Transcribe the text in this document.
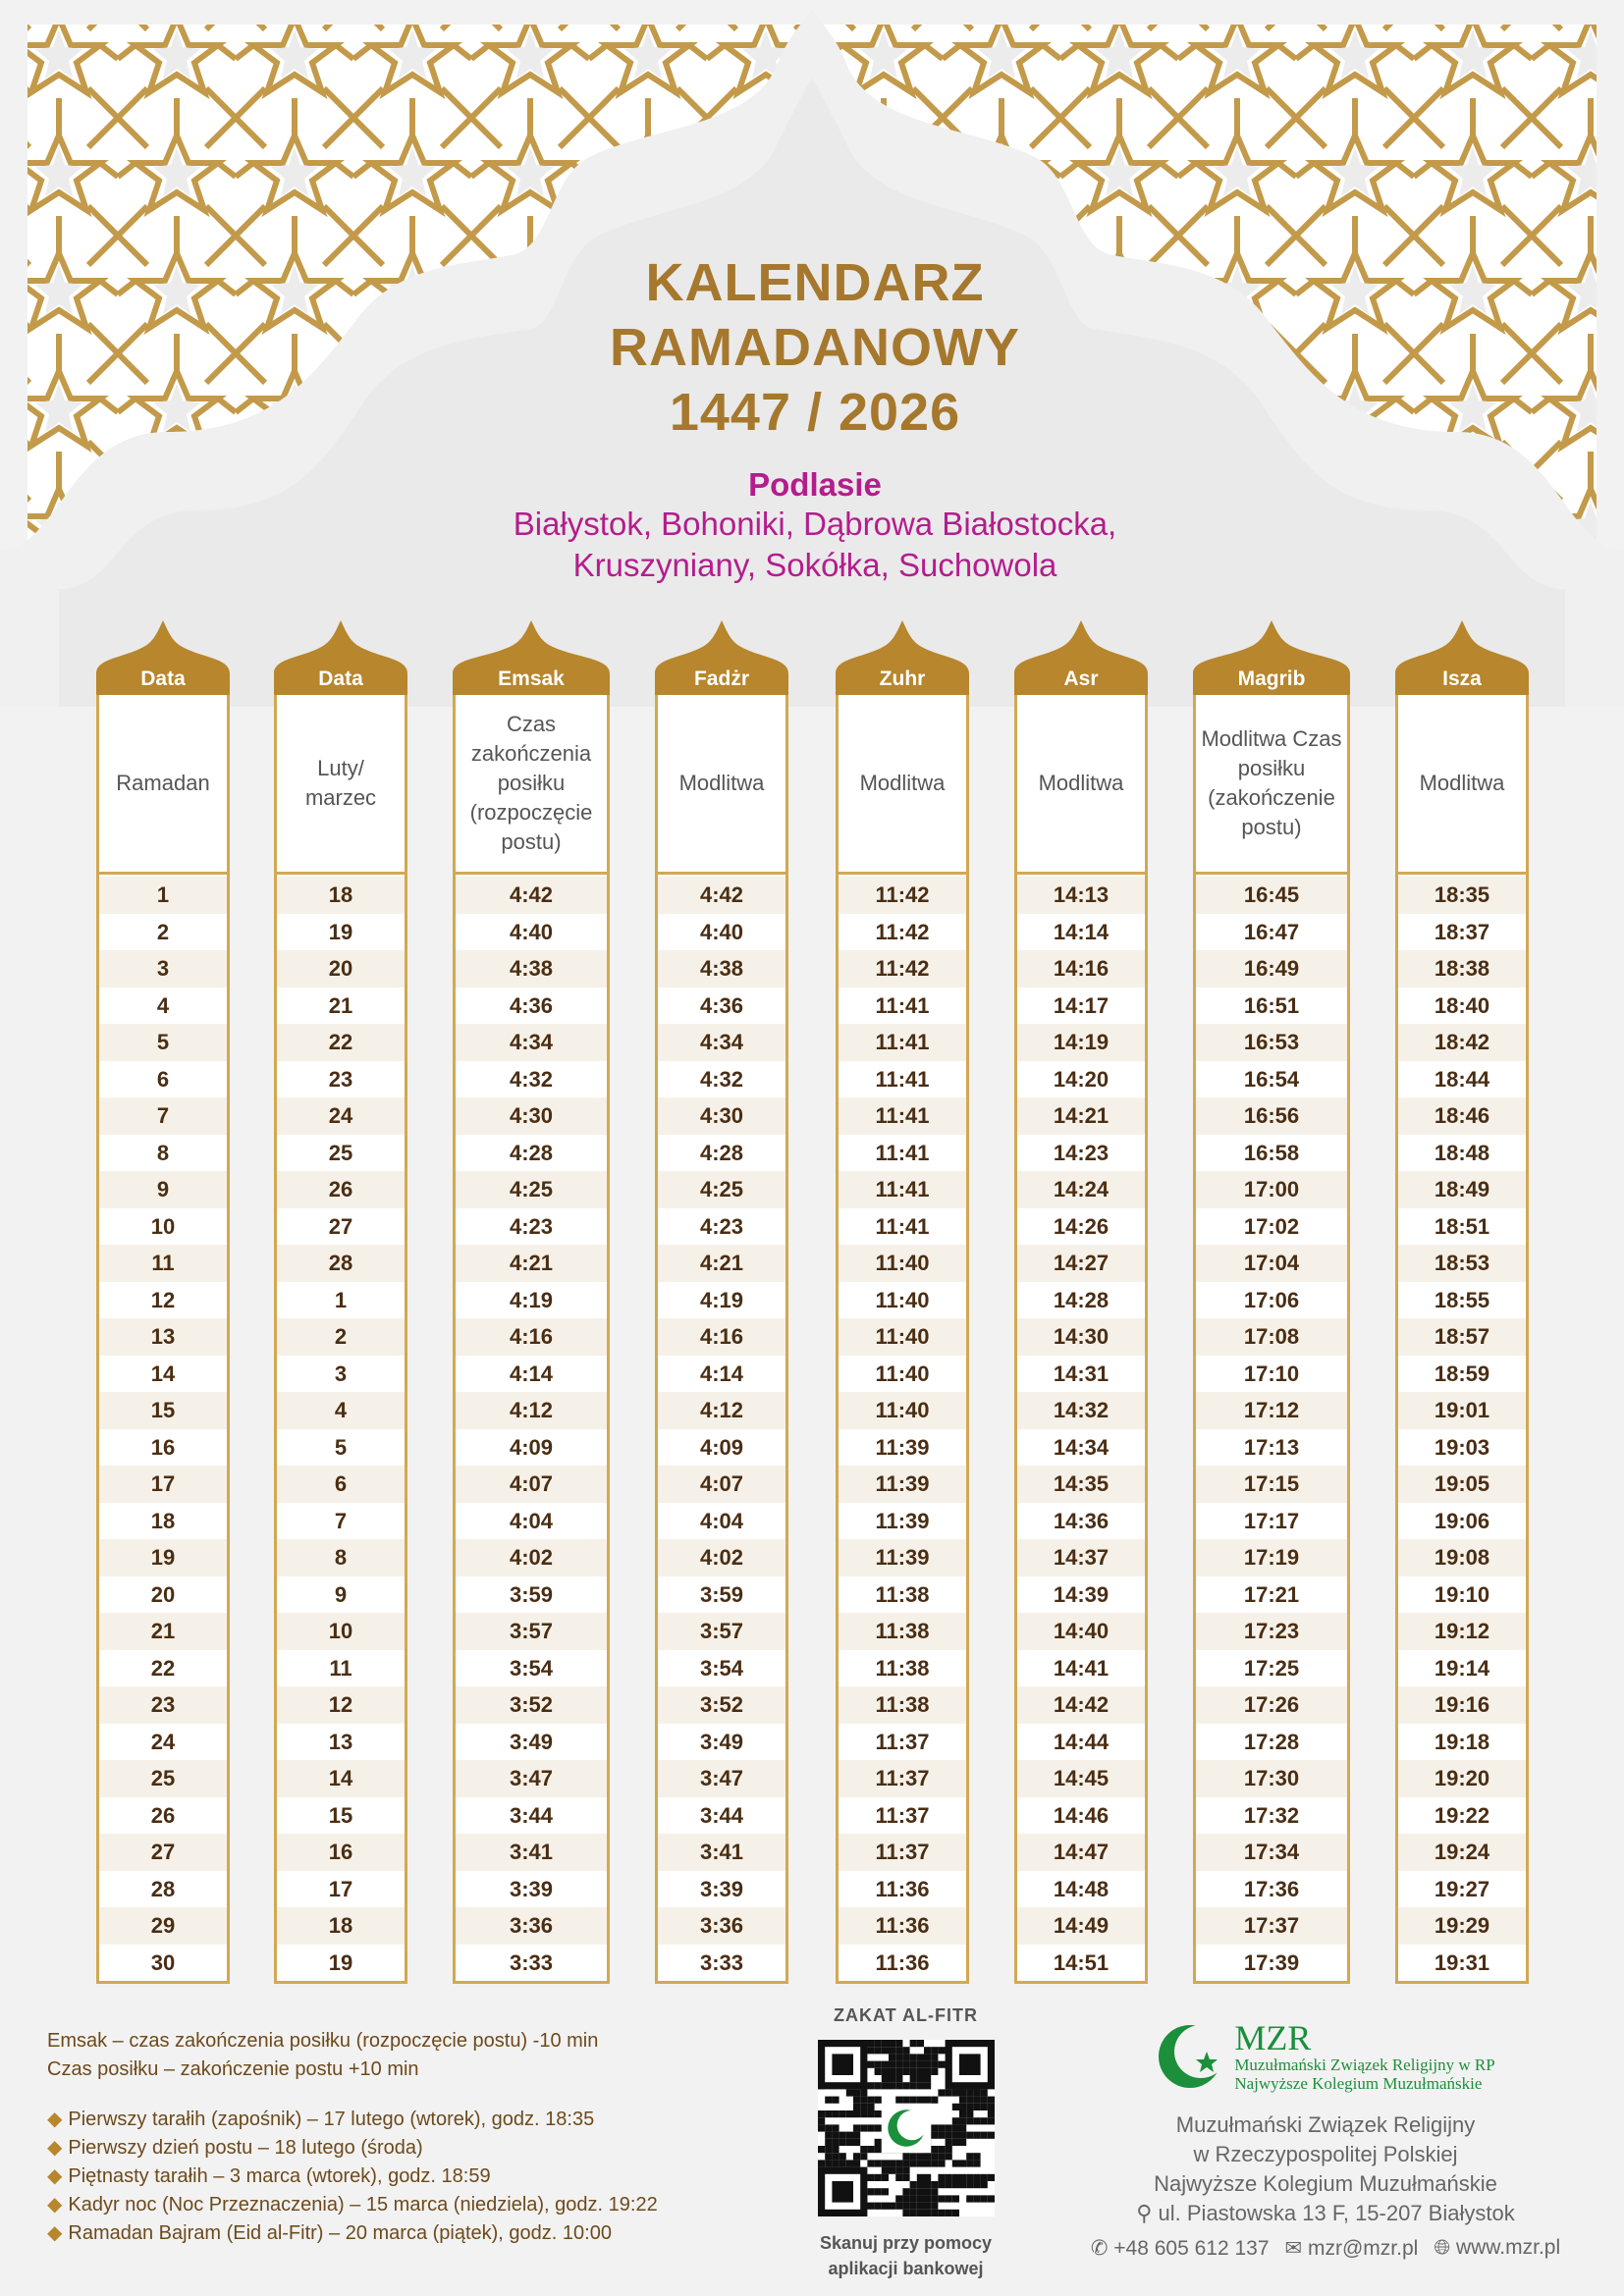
KALENDARZ
RAMADANOWY
1447 / 2026
Podlasie
Białystok, Bohoniki, Dąbrowa Białostocka,
Kruszyniany, Sokółka, Suchowola
Data
Ramadan
1
2
3
4
5
6
7
8
9
10
11
12
13
14
15
16
17
18
19
20
21
22
23
24
25
26
27
28
29
30
Data
Luty/ marzec
18
19
20
21
22
23
24
25
26
27
28
1
2
3
4
5
6
7
8
9
10
11
12
13
14
15
16
17
18
19
Emsak
Czas zakończenia posiłku (rozpoczęcie postu)
4:42
4:40
4:38
4:36
4:34
4:32
4:30
4:28
4:25
4:23
4:21
4:19
4:16
4:14
4:12
4:09
4:07
4:04
4:02
3:59
3:57
3:54
3:52
3:49
3:47
3:44
3:41
3:39
3:36
3:33
Fadżr
Modlitwa
4:42
4:40
4:38
4:36
4:34
4:32
4:30
4:28
4:25
4:23
4:21
4:19
4:16
4:14
4:12
4:09
4:07
4:04
4:02
3:59
3:57
3:54
3:52
3:49
3:47
3:44
3:41
3:39
3:36
3:33
Zuhr
Modlitwa
11:42
11:42
11:42
11:41
11:41
11:41
11:41
11:41
11:41
11:41
11:40
11:40
11:40
11:40
11:40
11:39
11:39
11:39
11:39
11:38
11:38
11:38
11:38
11:37
11:37
11:37
11:37
11:36
11:36
11:36
Asr
Modlitwa
14:13
14:14
14:16
14:17
14:19
14:20
14:21
14:23
14:24
14:26
14:27
14:28
14:30
14:31
14:32
14:34
14:35
14:36
14:37
14:39
14:40
14:41
14:42
14:44
14:45
14:46
14:47
14:48
14:49
14:51
Magrib
Modlitwa Czas posiłku (zakończenie postu)
16:45
16:47
16:49
16:51
16:53
16:54
16:56
16:58
17:00
17:02
17:04
17:06
17:08
17:10
17:12
17:13
17:15
17:17
17:19
17:21
17:23
17:25
17:26
17:28
17:30
17:32
17:34
17:36
17:37
17:39
Isza
Modlitwa
18:35
18:37
18:38
18:40
18:42
18:44
18:46
18:48
18:49
18:51
18:53
18:55
18:57
18:59
19:01
19:03
19:05
19:06
19:08
19:10
19:12
19:14
19:16
19:18
19:20
19:22
19:24
19:27
19:29
19:31
Emsak – czas zakończenia posiłku (rozpoczęcie postu) -10 min
Czas posiłku – zakończenie postu +10 min
◆ Pierwszy tarałih (zapośnik) – 17 lutego (wtorek), godz. 18:35
◆ Pierwszy dzień postu – 18 lutego (środa)
◆ Piętnasty tarałih – 3 marca (wtorek), godz. 18:59
◆ Kadyr noc (Noc Przeznaczenia) – 15 marca (niedziela), godz. 19:22
◆ Ramadan Bajram (Eid al-Fitr) – 20 marca (piątek), godz. 10:00
ZAKAT AL-FITR
Skanuj przy pomocy
aplikacji bankowej
MZR
Muzułmański Związek Religijny w RP
Najwyższe Kolegium Muzułmańskie
Muzułmański Związek Religijny
w Rzeczypospolitej Polskiej
Najwyższe Kolegium Muzułmańskie
⚲ ul. Piastowska 13 F, 15-207 Białystok
✆ +48 605 612 137 ✉ mzr@mzr.pl 🌐︎ www.mzr.pl
